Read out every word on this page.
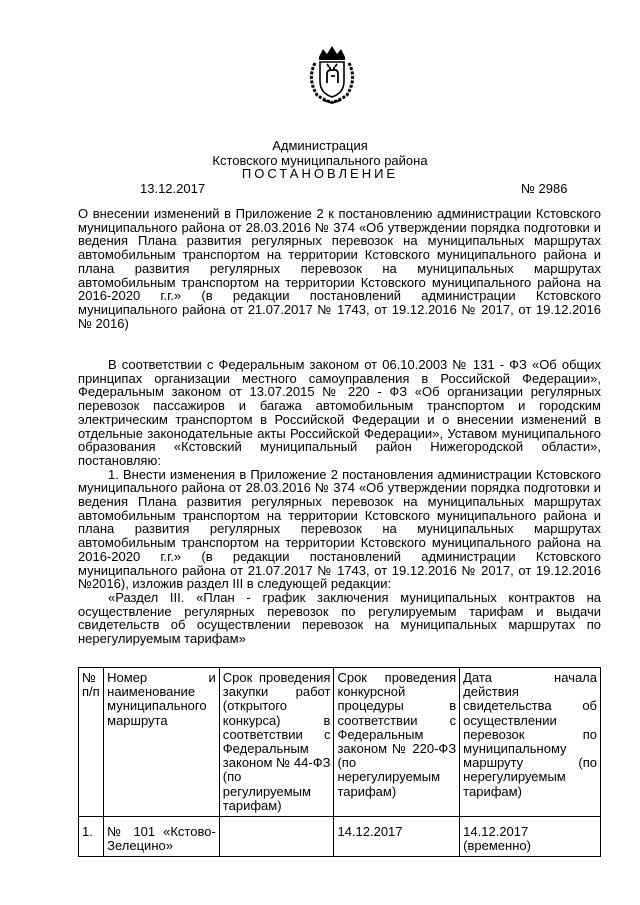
Администрация
Кстовского муниципального района
ПОСТАНОВЛЕНИЕ
13.12.2017	№ 2986
О внесении изменений в Приложение 2 к постановлению администрации Кстовского муниципального района от 28.03.2016 № 374 «Об утверждении порядка подготовки и ведения Плана развития регулярных перевозок на муниципальных маршрутах автомобильным транспортом на территории Кстовского муниципального района и плана развития регулярных перевозок на муниципальных маршрутах автомобильным транспортом на территории Кстовского муниципального района на 2016-2020 г.г.» (в редакции постановлений администрации Кстовского муниципального района от 21.07.2017 № 1743, от 19.12.2016 № 2017, от 19.12.2016 № 2016)

В соответствии с Федеральным законом от 06.10.2003 № 131 - ФЗ «Об общих принципах организации местного самоуправления в Российской Федерации», Федеральным законом от 13.07.2015 № 220 - ФЗ «Об организации регулярных перевозок пассажиров и багажа автомобильным транспортом и городским электрическим транспортом в Российской Федерации и о внесении изменений в отдельные законодательные акты Российской Федерации», Уставом муниципального образования «Кстовский муниципальный район Нижегородской области», постановляю:

1. Внести изменения в Приложение 2 постановления администрации Кстовского муниципального района от 28.03.2016 № 374 «Об утверждении порядка подготовки и ведения Плана развития регулярных перевозок на муниципальных маршрутах автомобильным транспортом на территории Кстовского муниципального района и плана развития регулярных перевозок на муниципальных маршрутах автомобильным транспортом на территории Кстовского муниципального района на 2016-2020 г.г.» (в редакции постановлений администрации Кстовского муниципального района от 21.07.2017 № 1743, от 19.12.2016 № 2017, от 19.12.2016 №2016), изложив раздел III в следующей редакции:

«Раздел III. «План - график заключения муниципальных контрактов на осуществление регулярных перевозок по регулируемым тарифам и выдачи свидетельств об осуществлении перевозок на муниципальных маршрутах по нерегулируемым тарифам»

№ п/п	Номер и наименование муниципального маршрута	Срок проведения закупки работ (открытого конкурса) в соответствии с Федеральным законом № 44-ФЗ (по регулируемым тарифам)	Срок проведения конкурсной процедуры в соответствии с Федеральным законом № 220-ФЗ (по нерегулируемым тарифам)	Дата начала действия свидетельства об осуществлении перевозок по муниципальному маршруту (по нерегулируемым тарифам)
1.	№ 101 «Кстово-Зелецино»		14.12.2017	14.12.2017 (временно)
